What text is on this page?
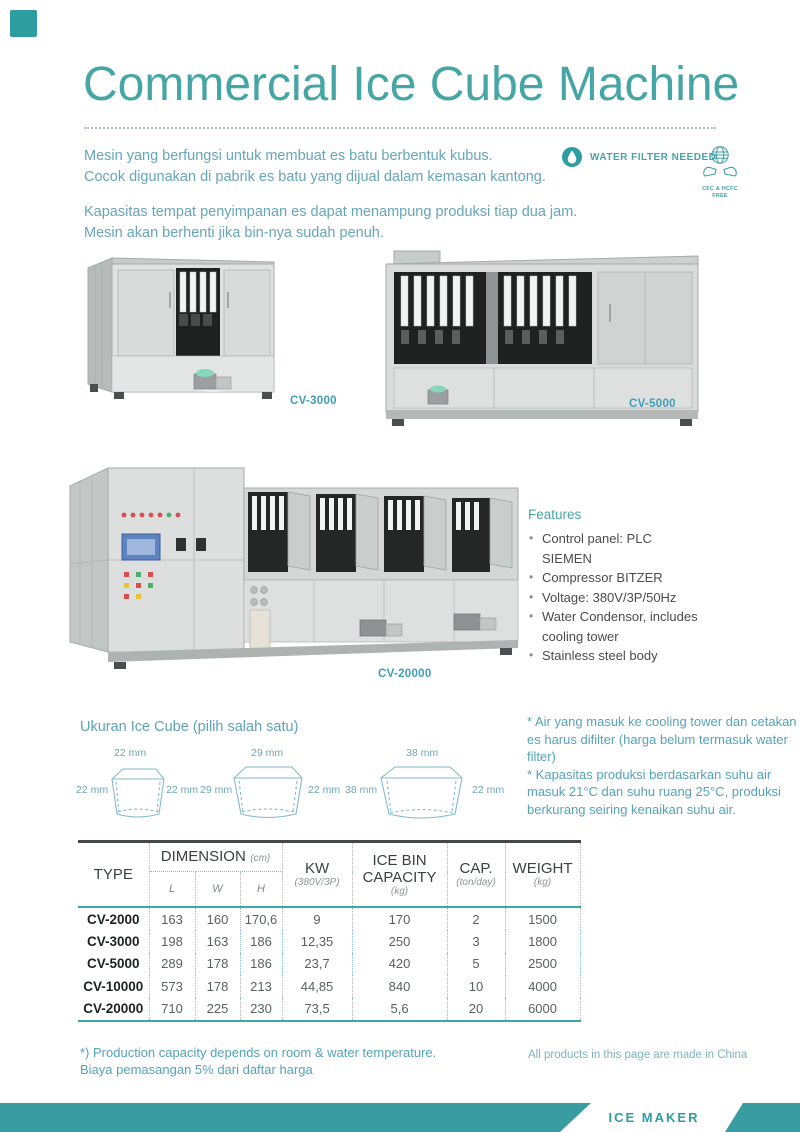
Commercial Ice Cube Machine

Mesin yang berfungsi untuk membuat es batu berbentuk kubus.
Cocok digunakan di pabrik es batu yang dijual dalam kemasan kantong.

Kapasitas tempat penyimpanan es dapat menampung produksi tiap dua jam.
Mesin akan berhenti jika bin-nya sudah penuh.

WATER FILTER NEEDED
CFC & HCFC
FREE
CV-3000	CV-5000
CV-20000
Features
• Control panel: PLC SIEMEN
• Compressor BITZER
• Voltage: 380V/3P/50Hz
• Water Condensor, includes cooling tower
• Stainless steel body

Ukuran Ice Cube (pilih salah satu)

22 mm
22 mm	22 mm
29 mm
29 mm	22 mm
38 mm
38 mm	22 mm

* Air yang masuk ke cooling tower dan cetakan es harus difilter (harga belum termasuk water filter)

* Kapasitas produksi berdasarkan suhu air masuk 21°C dan suhu ruang 25°C, produksi berkurang seiring kenaikan suhu air.

TYPE	DIMENSION (cm)	
KW
(380V/3P)

ICE BIN
CAPACITY
(kg)

CAP.
(ton/day)

WEIGHT
(kg)

	L	W	H				
CV-2000	163	160	170,6	9	170	2	1500
CV-3000	198	163	186	12,35	250	3	1800
CV-5000	289	178	186	23,7	420	5	2500
CV-10000	573	178	213	44,85	840	10	4000
CV-20000	710	225	230	73,5	5,6	20	6000

*) Production capacity depends on room & water temperature.
Biaya pemasangan 5% dari daftar harga

All products in this page are made in China
ICE MAKER
